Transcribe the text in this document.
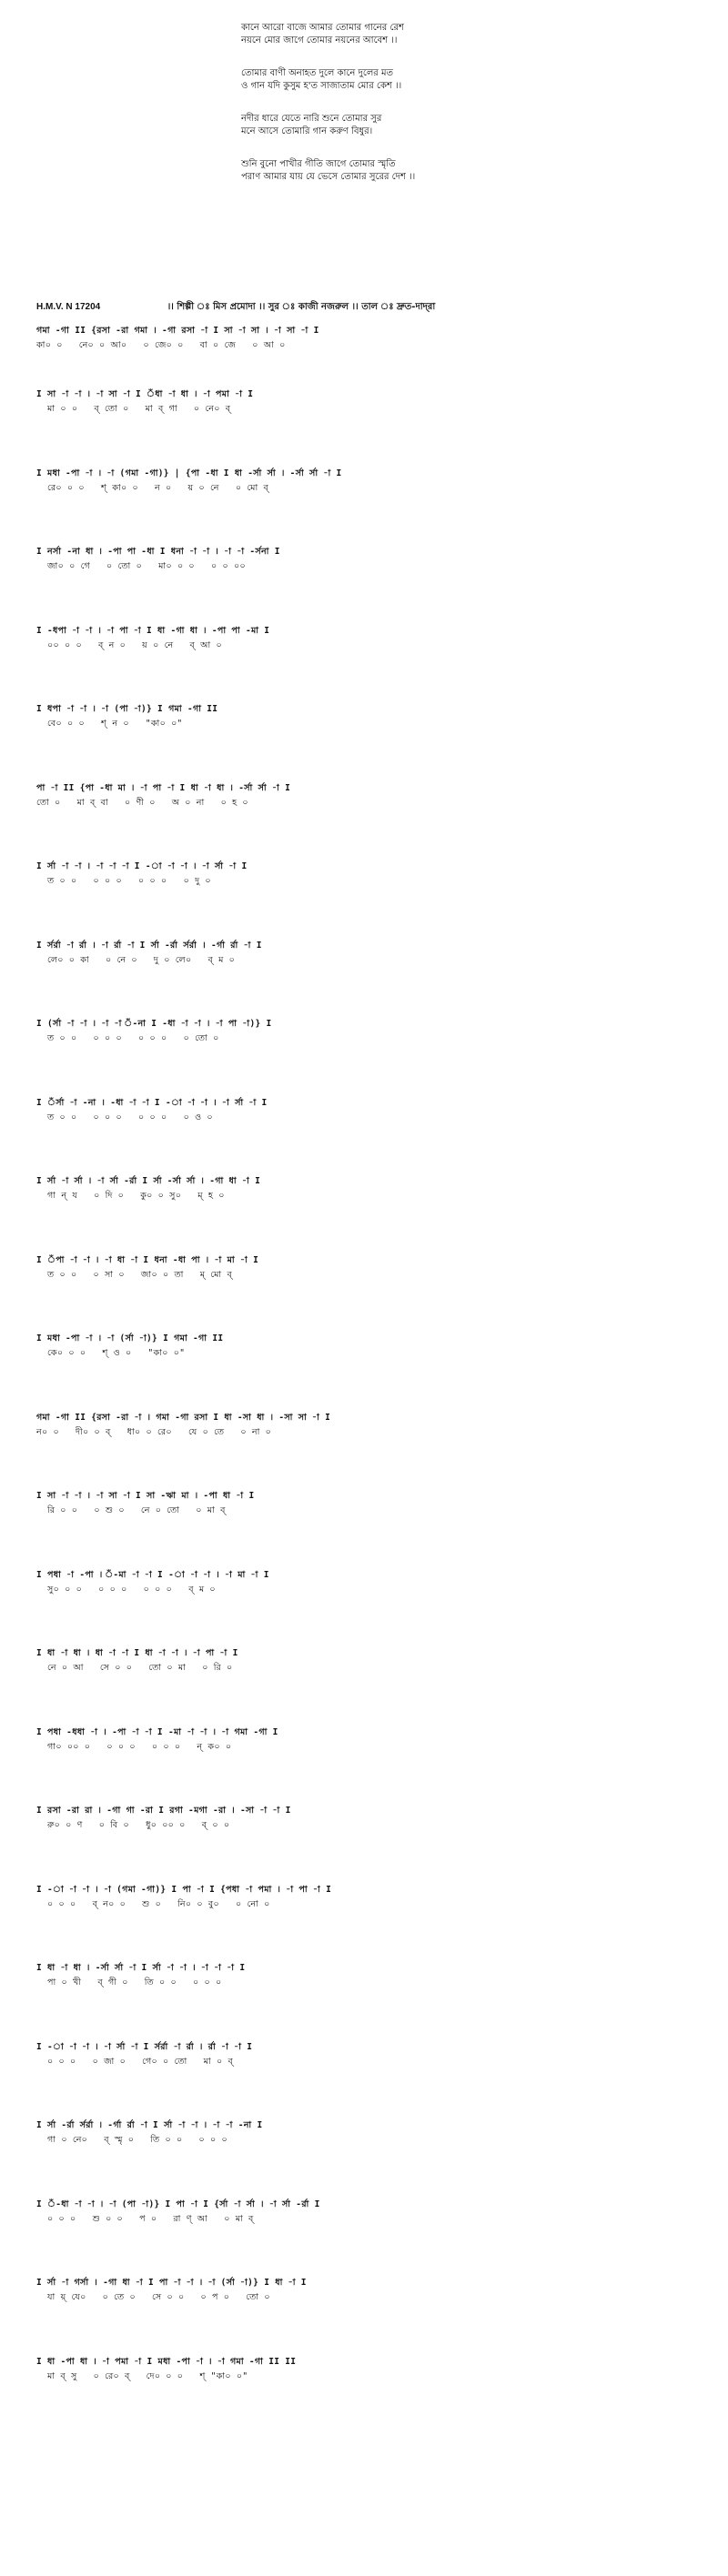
কানে আরো বাজে আমার তোমার গানের রেশ
নয়নে মোর জাগে তোমার নয়নের আবেশ ।।
তোমার বাণী অনাহত দুলে কানে দুলের মত
ও গান যদি কুসুম হ'ত সাজাতাম মোর কেশ ।।
নদীর ধারে যেতে নারি শুনে তোমার সুর
মনে আসে তোমারি গান করুণ বিধুর।
শুনি বুনো পাখীর গীতি জাগে তোমার স্মৃতি
পরাণ আমার যায় যে ভেসে তোমার সুরের দেশ ।।
H.M.V. N 17204	।। শিল্পী ঃ মিস প্রমোদা ।। সুর ঃ কাজী নজরুল ।। তাল ঃ দ্রুত-দাদ্‌রা
গমা -গা II {রসা -রা গমা । -গা রসা -া I সা -া সা । -া সা -া I
কা০ ০   নে০ ০ আ০   ০ জে০ ০   বা ০ জে   ০ আ ০
I সা -া -া । -া সা -া I ঁধা -া ধা । -া পমা -া I
মা ০ ০   ব্‌ তো ০   মা ব্‌ গা   ০ নে০ ব্‌
I মধা -পা -া । -া (গমা -গা)} | {পা -ধা I ধা -র্সা র্সা । -র্সা র্সা -া I
রে০ ০ ০   শ্‌ কা০ ০   ন ০   য় ০ নে   ০ মো ব্‌
I নর্সা -না ধা । -পা পা -ধা I ধনা -া -া । -া -া -র্সনা I
জা০ ০ গে   ০ তো ০   মা০ ০ ০   ০ ০ ০০
I -ধপা -া -া । -া পা -া I ধা -গা ধা । -পা পা -মা I
০০ ০ ০   ব্‌ ন ০   য় ০ নে   ব্‌ আ ০
I ধপা -া -া । -া (পা -া)} I গমা -গা II
বে০ ০ ০   শ্‌ ন ০   "কা০ ০"
পা -া II {পা -ধা মা । -া পা -া I ধা -া ধা । -র্সা র্সা -া I
তো ০   মা ব্‌ বা   ০ ণী ০   অ ০ না   ০ হ ০
I র্সা -া -া । -া -া -া I -া -া -া । -া র্সা -া I
ত ০ ০   ০ ০ ০   ০ ০ ০   ০ দু ০
I র্সর্রা -া র্রা । -া র্রা -া I র্সা -র্রা র্সর্রা । -র্গা র্রা -া I
লে০ ০ কা   ০ নে ০   দু ০ লে০   ব্‌ ম ০
I (র্সা -া -া । -া -া ঁ-না I -ধা -া -া । -া পা -া)} I
ত ০ ০   ০ ০ ০   ০ ০ ০   ০ তো ০
I ঁর্সা -া -না । -ধা -া -া I -া -া -া । -া র্সা -া I
ত ০ ০   ০ ০ ০   ০ ০ ০   ০ ও ০
I র্সা -া র্সা । -া র্সা -র্রা I র্সা -র্সা র্সা । -গা ধা -া I
গা ন্‌ য   ০ দি ০   কু০ ০ সু০   ম্‌ হ ০
I ঁপা -া -া । -া ধা -া I ধনা -ধা পা । -া মা -া I
ত ০ ০   ০ সা ০   জা০ ০ তা   ম্‌ মো ব্‌
I মধা -পা -া । -া (র্সা -া)} I গমা -গা II
কে০ ০ ০   শ্‌ ও ০   "কা০ ০"
গমা -গা II {রসা -রা -া । গমা -গা রসা I ধা -সা ধা । -সা সা -া I
ন০ ০   দী০ ০ ব্‌   ধা০ ০ রে০   যে ০ তে   ০ না ০
I সা -া -া । -া সা -া I সা -ঋা মা । -পা ধা -া I
রি ০ ০   ০ শু ০   নে ০ তো   ০ মা ব্‌
I পধা -া -পা । ঁ-মা -া -া I -া -া -া । -া মা -া I
সু০ ০ ০   ০ ০ ০   ০ ০ ০   ব্‌ ম ০
I ধা -া ধা । ধা -া -া I ধা -া -া । -া পা -া I
নে ০ আ   সে ০ ০   তো ০ মা   ০ রি ০
I পধা -ধধা -া । -পা -া -া I -মা -া -া । -া গমা -গা I
গা০ ০০ ০   ০ ০ ০   ০ ০ ০   ন্‌ ক০ ০
I রসা -রা রা । -গা গা -রা I রগা -মগা -রা । -সা -া -া I
রু০ ০ ণ   ০ বি ০   ধু০ ০০ ০   ব্‌ ০ ০
I -া -া -া । -া (গমা -গা)} I পা -া I {পধা -া পমা । -া পা -া I
০ ০ ০   ব্‌ ন০ ০   শু ০   নি০ ০ বু০   ০ নো ০
I ধা -া ধা । -র্সা র্সা -া I র্সা -া -া । -া -া -া I
পা ০ খী   ব্‌ গী ০   তি ০ ০   ০ ০ ০
I -া -া -া । -া র্সা -া I র্সর্রা -া র্রা । র্রা -া -া I
০ ০ ০   ০ জা ০   গে০ ০ তো   মা ০ ব্‌
I র্সা -র্রা র্সর্রা । -র্গা র্রা -া I র্সা -া -া । -া -া -না I
গা ০ নে০   ব্‌ স্মৃ ০   তি ০ ০   ০ ০ ০
I ঁ-ধা -া -া । -া (পা -া)} I পা -া I {র্সা -া র্সা । -া র্সা -র্রা I
০ ০ ০   শু ০ ০   প ০   রা ণ্‌ আ   ০ মা ব্‌
I র্সা -া গর্সা । -গা ধা -া I পা -া -া । -া (র্সা -া)} I ধা -া I
যা য়্‌ যে০   ০ তে ০   সে ০ ০   ০ প ০   তো ০
I ধা -পা ধা । -া পমা -া I মধা -পা -া । -া গমা -গা II II
মা ব্‌ সু   ০ রে০ ব্‌   দে০ ০ ০   শ্‌ "কা০ ০"
